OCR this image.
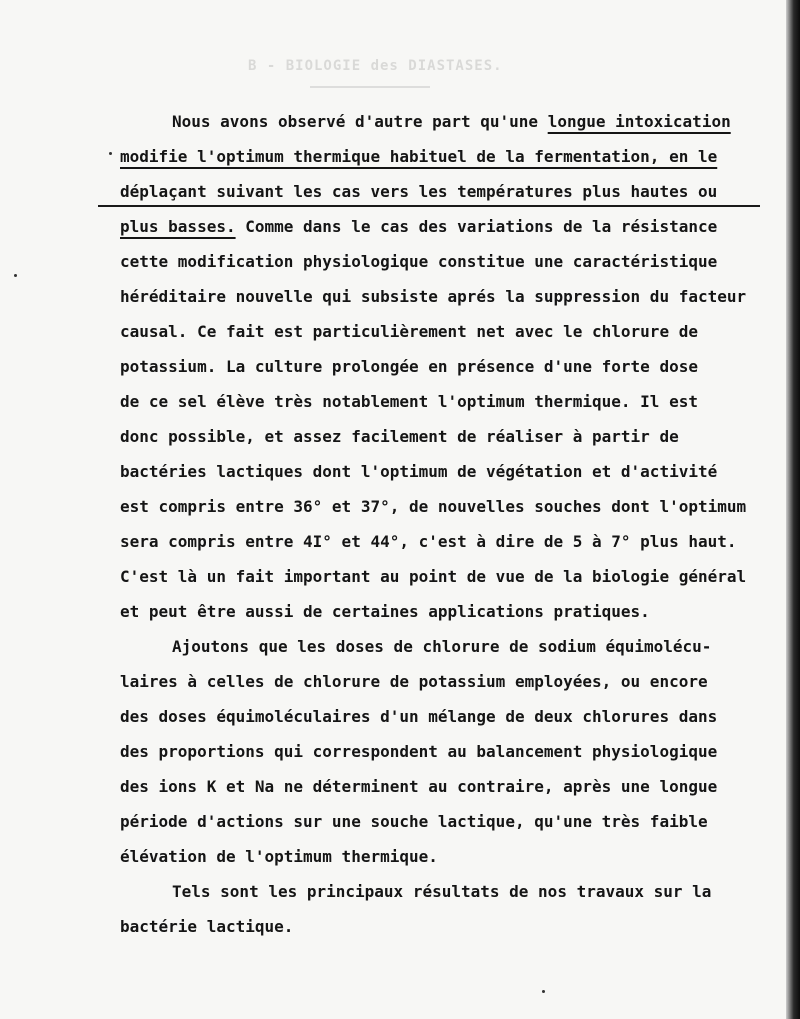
B - BIOLOGIE des DIASTASES.
Nous avons observé d'autre part qu'une longue intoxication
modifie l'optimum thermique habituel de la fermentation, en le
déplaçant suivant les cas vers les températures plus hautes ou
plus basses. Comme dans le cas des variations de la résistance
cette modification physiologique constitue une caractéristique
héréditaire nouvelle qui subsiste aprés la suppression du facteur
causal. Ce fait est particulièrement net avec le chlorure de
potassium. La culture prolongée en présence d'une forte dose
de ce sel élève très notablement l'optimum thermique. Il est
donc possible, et assez facilement de réaliser à partir de
bactéries lactiques dont l'optimum de végétation et d'activité
est compris entre 36° et 37°, de nouvelles souches dont l'optimum
sera compris entre 4I° et 44°, c'est à dire de 5 à 7° plus haut.
C'est là un fait important au point de vue de la biologie général
et peut être aussi de certaines applications pratiques.
Ajoutons que les doses de chlorure de sodium équimolécu-
laires à celles de chlorure de potassium employées, ou encore
des doses équimoléculaires d'un mélange de deux chlorures dans
des proportions qui correspondent au balancement physiologique
des ions K et Na ne déterminent au contraire, après une longue
période d'actions sur une souche lactique, qu'une très faible
élévation de l'optimum thermique.
Tels sont les principaux résultats de nos travaux sur la
bactérie lactique.
